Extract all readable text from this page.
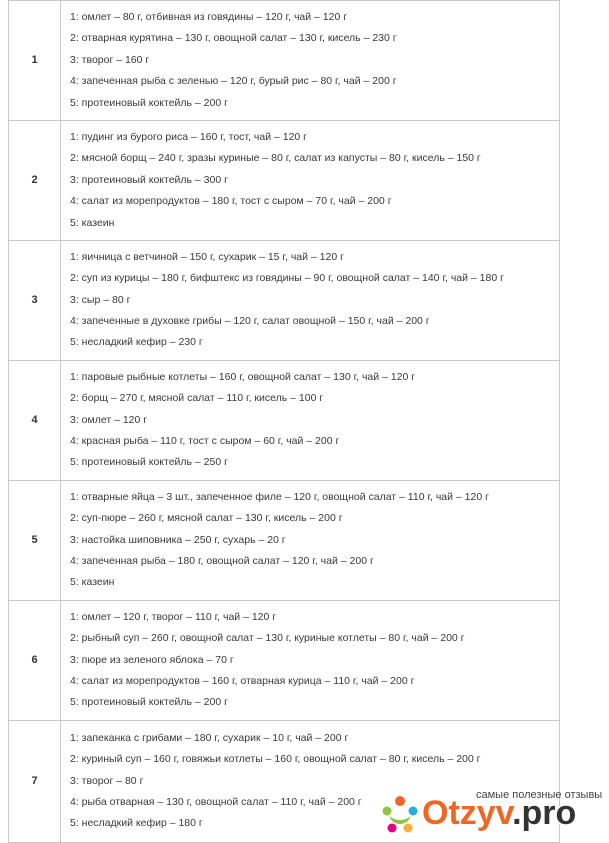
1	1: омлет – 80 г, отбивная из говядины – 120 г, чай – 120 г
2: отварная курятина – 130 г, овощной салат – 130 г, кисель – 230 г
3: творог – 160 г
4: запеченная рыба с зеленью – 120 г, бурый рис – 80 г, чай – 200 г
5: протеиновый коктейль – 200 г

2	1: пудинг из бурого риса – 160 г, тост, чай – 120 г
2: мясной борщ – 240 г, зразы куриные – 80 г, салат из капусты – 80 г, кисель – 150 г
3: протеиновый коктейль – 300 г
4: салат из морепродуктов – 180 г, тост с сыром – 70 г, чай – 200 г
5: казеин

3	1: яичница с ветчиной – 150 г, сухарик – 15 г, чай – 120 г
2: суп из курицы – 180 г, бифштекс из говядины – 90 г, овощной салат – 140 г, чай – 180 г
3: сыр – 80 г
4: запеченные в духовке грибы – 120 г, салат овощной – 150 г, чай – 200 г
5: несладкий кефир – 230 г

4	1: паровые рыбные котлеты – 160 г, овощной салат – 130 г, чай – 120 г
2: борщ – 270 г, мясной салат – 110 г, кисель – 100 г
3: омлет – 120 г
4: красная рыба – 110 г, тост с сыром – 60 г, чай – 200 г
5: протеиновый коктейль – 250 г

5	1: отварные яйца – 3 шт., запеченное филе – 120 г, овощной салат – 110 г, чай – 120 г
2: суп-пюре – 260 г, мясной салат – 130 г, кисель – 200 г
3: настойка шиповника – 250 г, сухарь – 20 г
4: запеченная рыба – 180 г, овощной салат – 120 г, чай – 200 г
5: казеин

6	1: омлет – 120 г, творог – 110 г, чай – 120 г
2: рыбный суп – 260 г, овощной салат – 130 г, куриные котлеты – 80 г, чай – 200 г
3: пюре из зеленого яблока – 70 г
4: салат из морепродуктов – 160 г, отварная курица – 110 г, чай – 200 г
5: протеиновый коктейль – 200 г

7	1: запеканка с грибами – 180 г, сухарик – 10 г, чай – 200 г
2: куриный суп – 160 г, говяжьи котлеты – 160 г, овощной салат – 80 г, кисель – 200 г
3: творог – 80 г
4: рыба отварная – 130 г, овощной салат – 110 г, чай – 200 г
5: несладкий кефир – 180 г
самые полезные отзывы
Otzyv.pro
